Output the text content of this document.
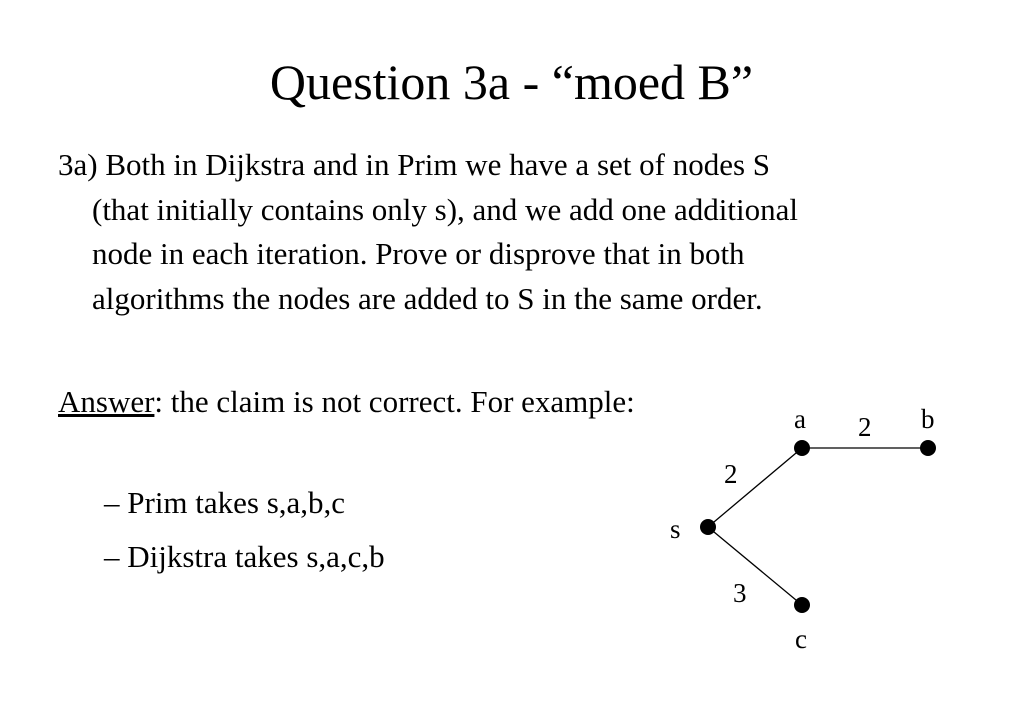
Question 3a - “moed B”
3a) Both in Dijkstra and in Prim we have a set of nodes S
(that initially contains only s), and we add one additional
node in each iteration. Prove or disprove that in both
algorithms the nodes are added to S in the same order.
Answer: the claim is not correct. For example:
– Prim takes s,a,b,c
– Dijkstra takes s,a,c,b
a	b
s
c
2
2
3
